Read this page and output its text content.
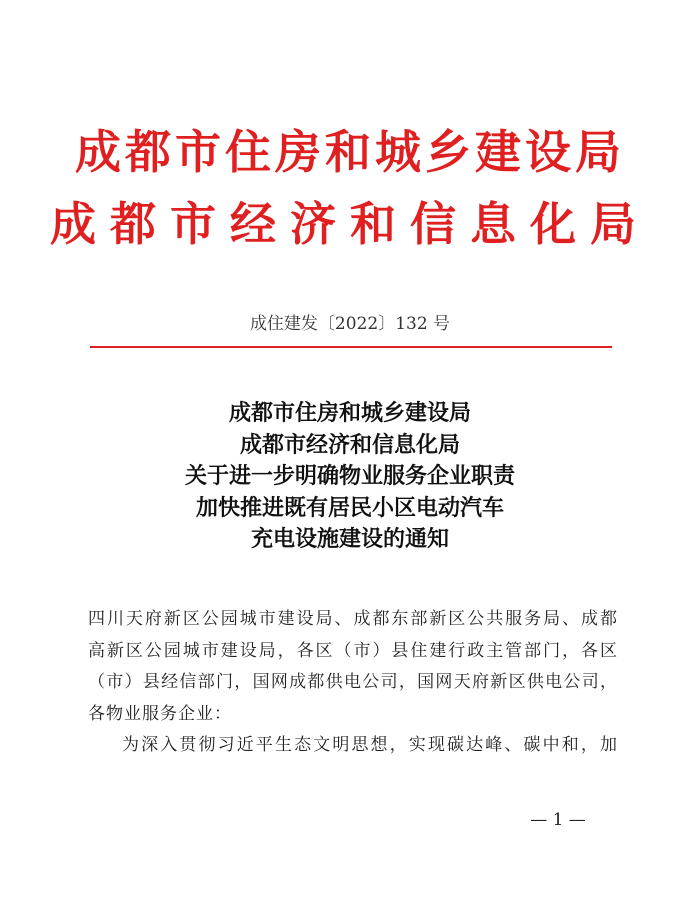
成都市住房和城乡建设局
成都市经济和信息化局
成住建发〔2022〕132 号
成都市住房和城乡建设局
成都市经济和信息化局
关于进一步明确物业服务企业职责
加快推进既有居民小区电动汽车
充电设施建设的通知
四川天府新区公园城市建设局、成都东部新区公共服务局、成都
高新区公园城市建设局，各区（市）县住建行政主管部门，各区
（市）县经信部门，国网成都供电公司，国网天府新区供电公司，
各物业服务企业：
为深入贯彻习近平生态文明思想，实现碳达峰、碳中和，加
— 1 —
